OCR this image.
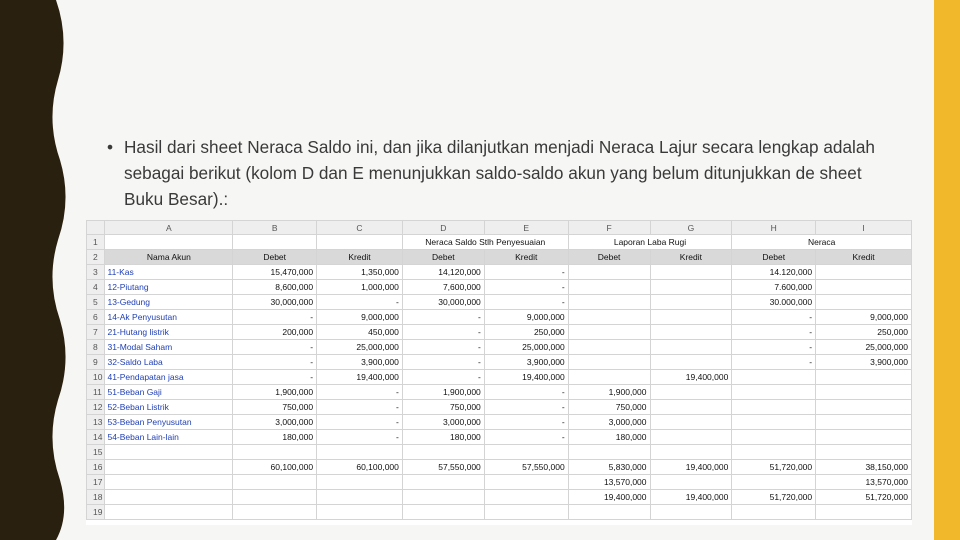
• Hasil dari sheet Neraca Saldo ini, dan jika dilanjutkan menjadi Neraca Lajur secara lengkap adalah sebagai berikut (kolom D dan E menunjukkan saldo-saldo akun yang belum ditunjukkan de sheet Buku Besar).:
	A	B	C	D	E	F	G	H	I
1				Neraca Saldo Stlh Penyesuaian		Laporan Laba Rugi		Neraca	
2	Nama Akun	Debet	Kredit	Debet	Kredit	Debet	Kredit	Debet	Kredit
3	11-Kas	15,470,000	1,350,000	14,120,000	-			14.120,000	
4	12-Piutang	8,600,000	1,000,000	7,600,000	-			7.600,000	
5	13-Gedung	30,000,000	-	30,000,000	-			30.000,000	
6	14-Ak Penyusutan	-	9,000,000	-	9,000,000			-	9,000,000
7	21-Hutang listrik	200,000	450,000	-	250,000			-	250,000
8	31-Modal Saham	-	25,000,000	-	25,000,000			-	25,000,000
9	32-Saldo Laba	-	3,900,000	-	3,900,000			-	3,900,000
10	41-Pendapatan jasa	-	19,400,000	-	19,400,000		19,400,000		
11	51-Beban Gaji	1,900,000	-	1,900,000	-	1,900,000			
12	52-Beban Listrik	750,000	-	750,000	-	750,000			
13	53-Beban Penyusutan	3,000,000	-	3,000,000	-	3,000,000			
14	54-Beban Lain-lain	180,000	-	180,000	-	180,000			
15									
16		60,100,000	60,100,000	57,550,000	57,550,000	5,830,000	19,400,000	51,720,000	38,150,000
17						13,570,000			13,570,000
18						19,400,000	19,400,000	51,720,000	51,720,000
19									
